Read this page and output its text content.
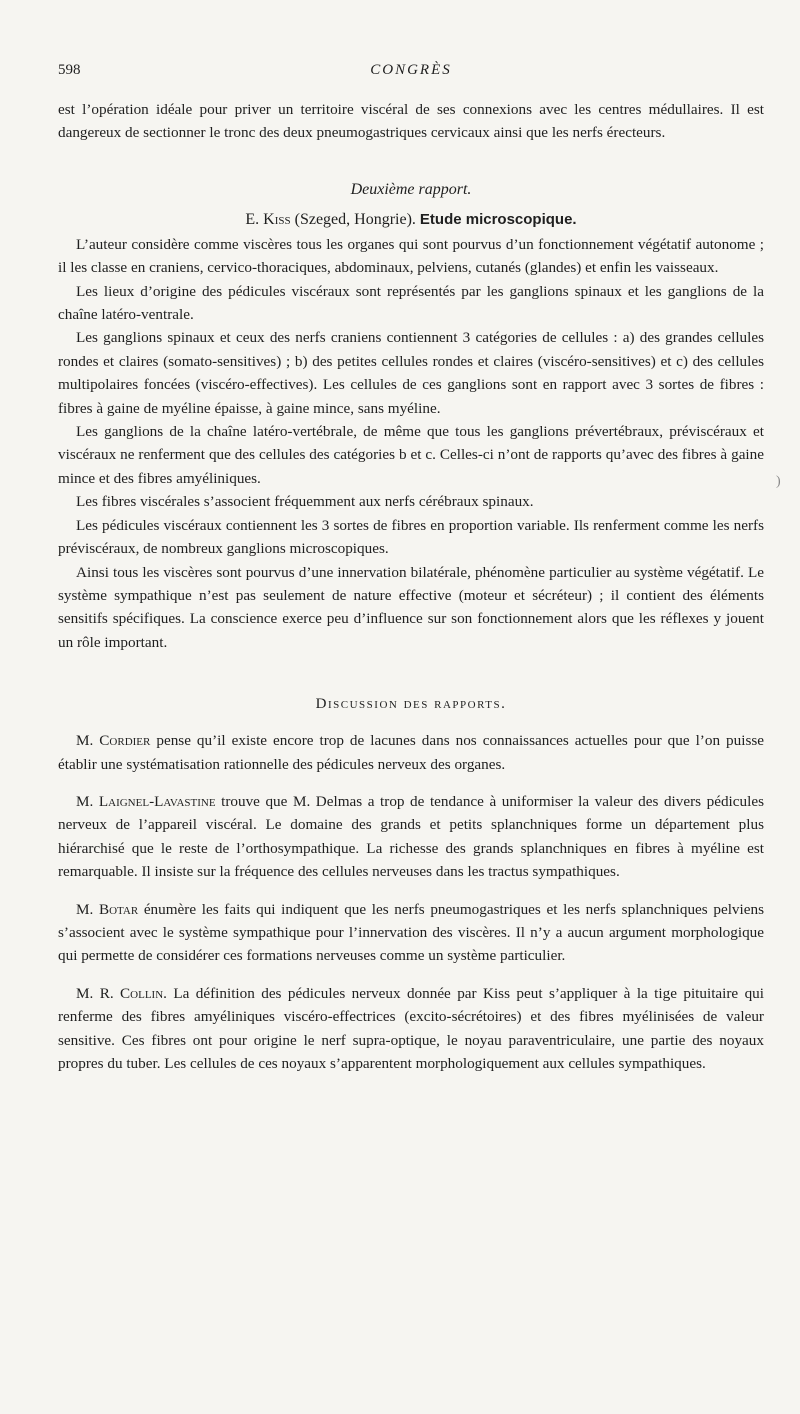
598	CONGRÈS

est l’opération idéale pour priver un territoire viscéral de ses connexions avec les centres médullaires. Il est dangereux de sectionner le tronc des deux pneumogastriques cervicaux ainsi que les nerfs érecteurs.

Deuxième rapport.
E. Kiss (Szeged, Hongrie). Etude microscopique.

L’auteur considère comme viscères tous les organes qui sont pourvus d’un fonctionnement végétatif autonome ; il les classe en craniens, cervico-thoraciques, abdominaux, pelviens, cutanés (glandes) et enfin les vaisseaux.

Les lieux d’origine des pédicules viscéraux sont représentés par les ganglions spinaux et les ganglions de la chaîne latéro-ventrale.

Les ganglions spinaux et ceux des nerfs craniens contiennent 3 catégories de cellules : a) des grandes cellules rondes et claires (somato-sensitives) ; b) des petites cellules rondes et claires (viscéro-sensitives) et c) des cellules multipolaires foncées (viscéro-effectives). Les cellules de ces ganglions sont en rapport avec 3 sortes de fibres : fibres à gaine de myéline épaisse, à gaine mince, sans myéline.

Les ganglions de la chaîne latéro-vertébrale, de même que tous les ganglions prévertébraux, préviscéraux et viscéraux ne renferment que des cellules des catégories b et c. Celles-ci n’ont de rapports qu’avec des fibres à gaine mince et des fibres amyéliniques.

Les fibres viscérales s’associent fréquemment aux nerfs cérébraux spinaux.

Les pédicules viscéraux contiennent les 3 sortes de fibres en proportion variable. Ils renferment comme les nerfs préviscéraux, de nombreux ganglions microscopiques.

Ainsi tous les viscères sont pourvus d’une innervation bilatérale, phénomène particulier au système végétatif. Le système sympathique n’est pas seulement de nature effective (moteur et sécréteur) ; il contient des éléments sensitifs spécifiques. La conscience exerce peu d’influence sur son fonctionnement alors que les réflexes y jouent un rôle important.

Discussion des rapports.

M. Cordier pense qu’il existe encore trop de lacunes dans nos connaissances actuelles pour que l’on puisse établir une systématisation rationnelle des pédicules nerveux des organes.

M. Laignel-Lavastine trouve que M. Delmas a trop de tendance à uniformiser la valeur des divers pédicules nerveux de l’appareil viscéral. Le domaine des grands et petits splanchniques forme un département plus hiérarchisé que le reste de l’orthosympathique. La richesse des grands splanchniques en fibres à myéline est remarquable. Il insiste sur la fréquence des cellules nerveuses dans les tractus sympathiques.

M. Botar énumère les faits qui indiquent que les nerfs pneumogastriques et les nerfs splanchniques pelviens s’associent avec le système sympathique pour l’innervation des viscères. Il n’y a aucun argument morphologique qui permette de considérer ces formations nerveuses comme un système particulier.

M. R. Collin. La définition des pédicules nerveux donnée par Kiss peut s’appliquer à la tige pituitaire qui renferme des fibres amyéliniques viscéro-effectrices (excito-sécrétoires) et des fibres myélinisées de valeur sensitive. Ces fibres ont pour origine le nerf supra-optique, le noyau paraventriculaire, une partie des noyaux propres du tuber. Les cellules de ces noyaux s’apparentent morphologiquement aux cellules sympathiques.

)
